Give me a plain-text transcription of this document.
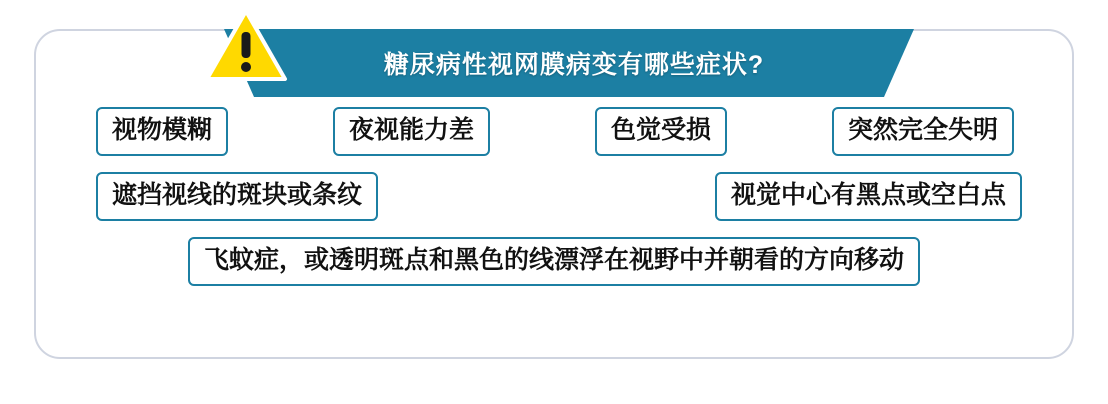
糖尿病性视网膜病变有哪些症状?
视物模糊	夜视能力差	色觉受损	突然完全失明
遮挡视线的斑块或条纹	视觉中心有黑点或空白点
飞蚊症，或透明斑点和黑色的线漂浮在视野中并朝看的方向移动
